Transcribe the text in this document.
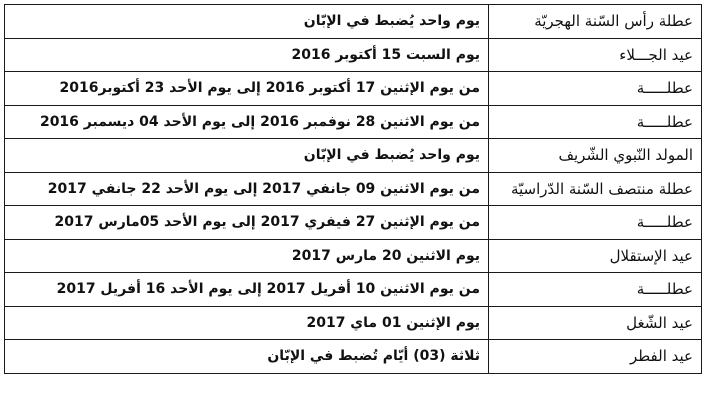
عطلة رأس السّنة الهجريّة	يوم واحد يُضبط في الإبّان
عيد الجـــلاء	يوم السبت 15 أكتوبر 2016
عطلـــــة	من يوم الإثنين 17 أكتوبر 2016 إلى يوم الأحد 23 أكتوبر2016
عطلـــــة	من يوم الاثنين 28 نوفمبر 2016 إلى يوم الأحد 04 ديسمبر 2016
المولد النّبوي الشّريف	يوم واحد يُضبط في الإبّان
عطلة منتصف السّنة الدّراسيّة	من يوم الاثنين 09 جانفي 2017 إلى يوم الأحد 22 جانفي 2017
عطلـــــة	من يوم الإثنين 27 فيفري 2017 إلى يوم الأحد 05مارس 2017
عيد الإستقلال	يوم الاثنين 20 مارس 2017
عطلـــــة	من يوم الاثنين 10 أفريل 2017 إلى يوم الأحد 16 أفريل 2017
عيد الشّغل	يوم الإثنين 01 ماي 2017
عيد الفطر	ثلاثة (03) أيّام تُضبط في الإبّان
